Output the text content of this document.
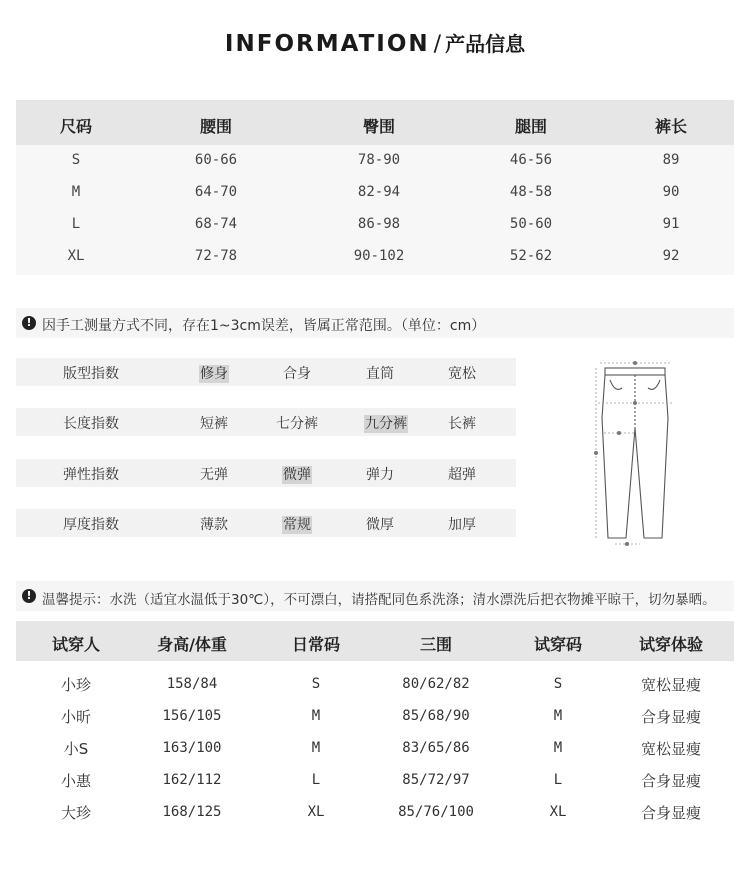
INFORMATION / 产品信息
尺码	腰围	臀围	腿围	裤长
S	60-66	78-90	46-56	89
M	64-70	82-94	48-58	90
L	68-74	86-98	50-60	91
XL	72-78	90-102	52-62	92
! 因手工测量方式不同，存在1~3cm误差，皆属正常范围。（单位：cm）
版型指数	修身	合身	直筒	宽松
长度指数	短裤	七分裤	九分裤	长裤
弹性指数	无弹	微弹	弹力	超弹
厚度指数	薄款	常规	微厚	加厚
! 温馨提示：水洗（适宜水温低于30℃），不可漂白，请搭配同色系洗涤；清水漂洗后把衣物摊平晾干，切勿暴晒。
试穿人	身高/体重	日常码	三围	试穿码	试穿体验
小珍	158/84	S	80/62/82	S	宽松显瘦
小昕	156/105	M	85/68/90	M	合身显瘦
小S	163/100	M	83/65/86	M	宽松显瘦
小惠	162/112	L	85/72/97	L	合身显瘦
大珍	168/125	XL	85/76/100	XL	合身显瘦
